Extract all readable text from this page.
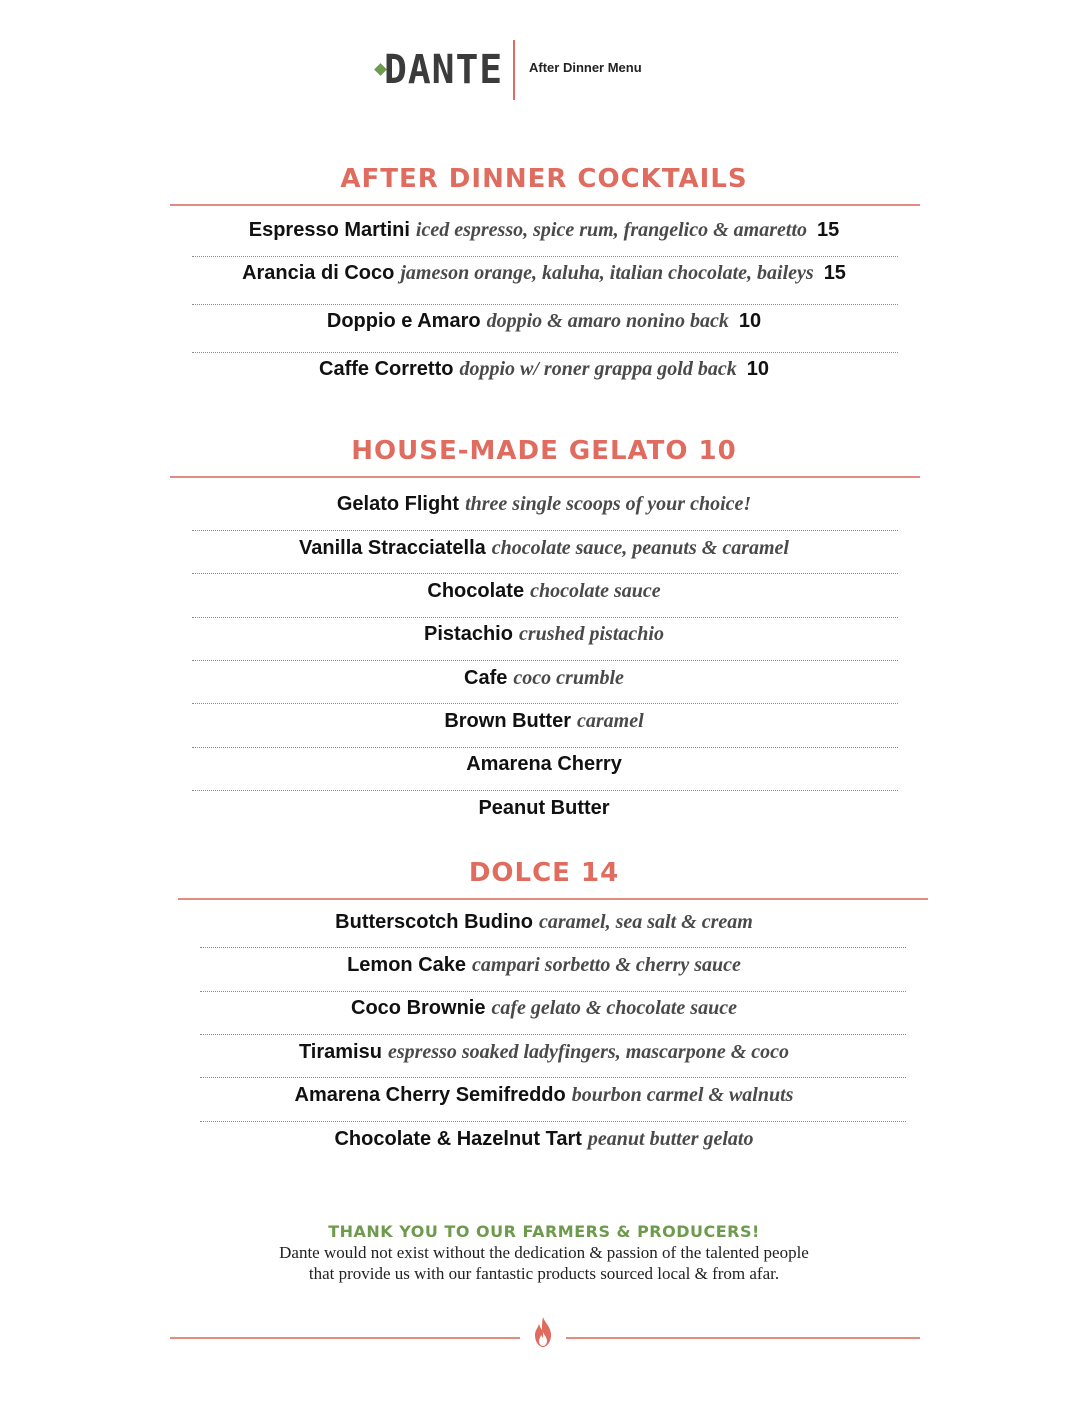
DANTE After Dinner Menu
AFTER DINNER COCKTAILS
Espresso Martini iced espresso, spice rum, frangelico & amaretto 15
Arancia di Coco jameson orange, kaluha, italian chocolate, baileys 15
Doppio e Amaro doppio & amaro nonino back 10
Caffe Corretto doppio w/ roner grappa gold back 10
HOUSE-MADE GELATO 10
Gelato Flight three single scoops of your choice!
Vanilla Stracciatella chocolate sauce, peanuts & caramel
Chocolate chocolate sauce
Pistachio crushed pistachio
Cafe coco crumble
Brown Butter caramel
Amarena Cherry
Peanut Butter
DOLCE 14
Butterscotch Budino caramel, sea salt & cream
Lemon Cake campari sorbetto & cherry sauce
Coco Brownie cafe gelato & chocolate sauce
Tiramisu espresso soaked ladyfingers, mascarpone & coco
Amarena Cherry Semifreddo bourbon carmel & walnuts
Chocolate & Hazelnut Tart peanut butter gelato
THANK YOU TO OUR FARMERS & PRODUCERS!
Dante would not exist without the dedication & passion of the talented people
that provide us with our fantastic products sourced local & from afar.
